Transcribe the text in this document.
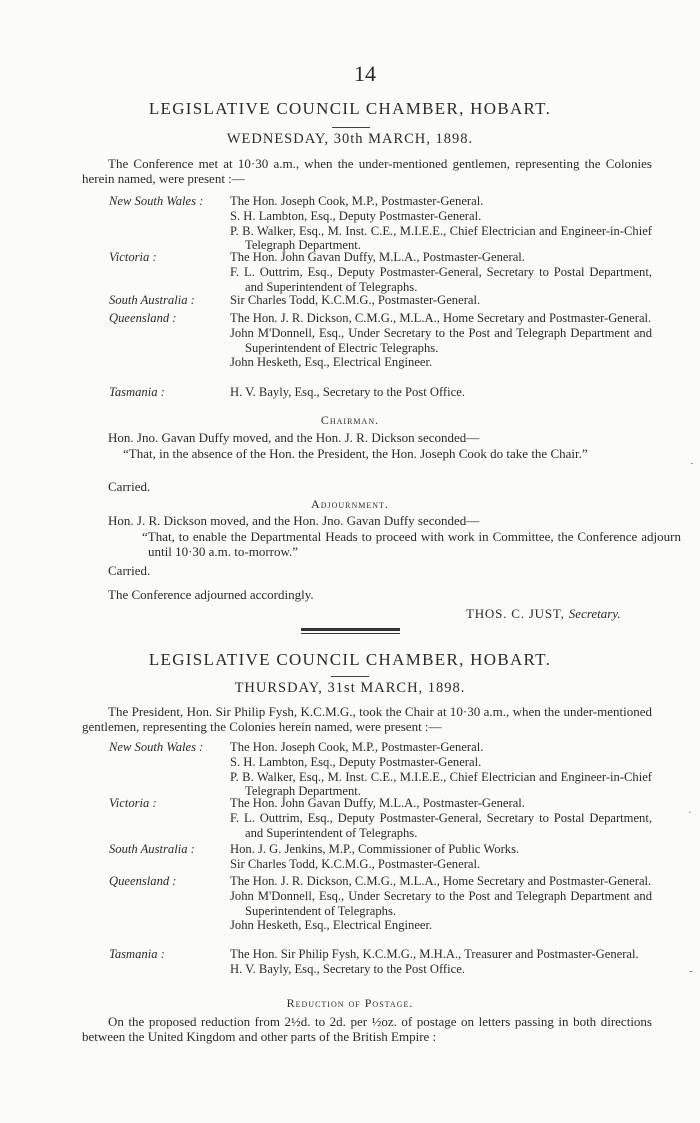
14
LEGISLATIVE COUNCIL CHAMBER, HOBART.
WEDNESDAY, 30th MARCH, 1898.
The Conference met at 10·30 a.m., when the under-mentioned gentlemen, representing the Colonies herein named, were present :—
New South Wales :	The Hon. Joseph Cook, M.P., Postmaster-General.
S. H. Lambton, Esq., Deputy Postmaster-General.
P. B. Walker, Esq., M. Inst. C.E., M.I.E.E., Chief Electrician and Engineer-in-Chief Telegraph Department.
Victoria :	The Hon. John Gavan Duffy, M.L.A., Postmaster-General.
F. L. Outtrim, Esq., Deputy Postmaster-General, Secretary to Postal Department, and Superintendent of Telegraphs.
South Australia :	Sir Charles Todd, K.C.M.G., Postmaster-General.
Queensland :	The Hon. J. R. Dickson, C.M.G., M.L.A., Home Secretary and Postmaster-General.
John M'Donnell, Esq., Under Secretary to the Post and Telegraph Department and Superintendent of Electric Telegraphs.
John Hesketh, Esq., Electrical Engineer.
Tasmania :	H. V. Bayly, Esq., Secretary to the Post Office.
Chairman.
Hon. Jno. Gavan Duffy moved, and the Hon. J. R. Dickson seconded—
“That, in the absence of the Hon. the President, the Hon. Joseph Cook do take the Chair.”
Carried.
Adjournment.
Hon. J. R. Dickson moved, and the Hon. Jno. Gavan Duffy seconded—
“That, to enable the Departmental Heads to proceed with work in Committee, the Conference adjourn until 10·30 a.m. to-morrow.”
Carried.
The Conference adjourned accordingly.
THOS. C. JUST, Secretary.
LEGISLATIVE COUNCIL CHAMBER, HOBART.
THURSDAY, 31st MARCH, 1898.
The President, Hon. Sir Philip Fysh, K.C.M.G., took the Chair at 10·30 a.m., when the under-mentioned gentlemen, representing the Colonies herein named, were present :—
New South Wales :	The Hon. Joseph Cook, M.P., Postmaster-General.
S. H. Lambton, Esq., Deputy Postmaster-General.
P. B. Walker, Esq., M. Inst. C.E., M.I.E.E., Chief Electrician and Engineer-in-Chief Telegraph Department.
Victoria :	The Hon. John Gavan Duffy, M.L.A., Postmaster-General.
F. L. Outtrim, Esq., Deputy Postmaster-General, Secretary to Postal Department, and Superintendent of Telegraphs.
South Australia :	Hon. J. G. Jenkins, M.P., Commissioner of Public Works.
Sir Charles Todd, K.C.M.G., Postmaster-General.
Queensland :	The Hon. J. R. Dickson, C.M.G., M.L.A., Home Secretary and Postmaster-General.
John M'Donnell, Esq., Under Secretary to the Post and Telegraph Department and Superintendent of Telegraphs.
John Hesketh, Esq., Electrical Engineer.
Tasmania :	The Hon. Sir Philip Fysh, K.C.M.G., M.H.A., Treasurer and Postmaster-General.
H. V. Bayly, Esq., Secretary to the Post Office.
Reduction of Postage.
On the proposed reduction from 2½d. to 2d. per ½oz. of postage on letters passing in both directions between the United Kingdom and other parts of the British Empire :
·
·
-
